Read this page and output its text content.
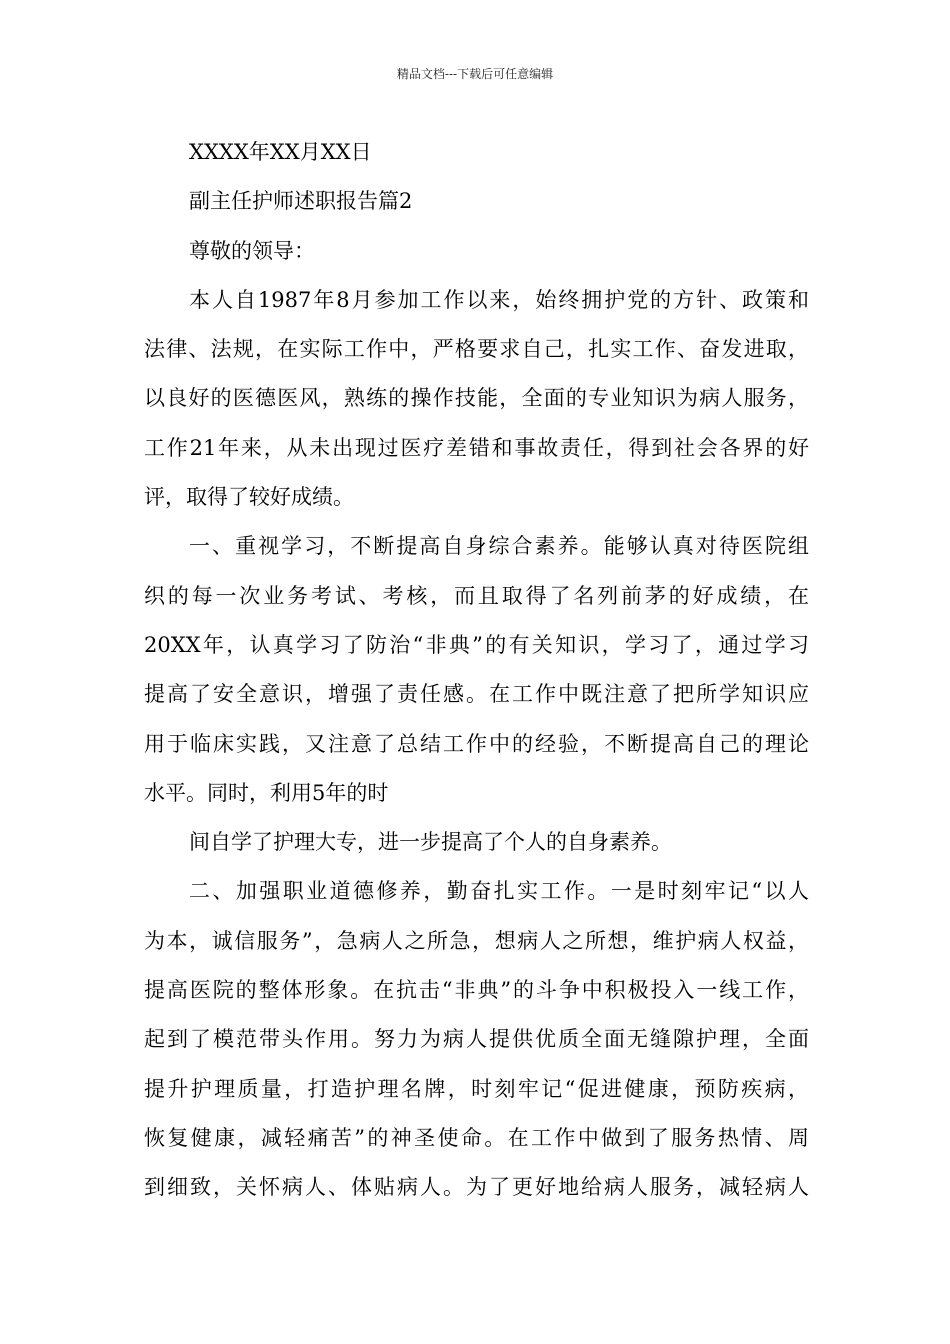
精品文档---下载后可任意编辑
XXXX年XX月XX日
副主任护师述职报告篇2
尊敬的领导：
本人自1987年8月参加工作以来，始终拥护党的方针、政策和
法律、法规，在实际工作中，严格要求自己，扎实工作、奋发进取，
以良好的医德医风，熟练的操作技能，全面的专业知识为病人服务，
工作21年来，从未出现过医疗差错和事故责任，得到社会各界的好
评，取得了较好成绩。
一、重视学习，不断提高自身综合素养。能够认真对待医院组
织的每一次业务考试、考核，而且取得了名列前茅的好成绩，在
20XX年，认真学习了防治“非典”的有关知识，学习了，通过学习
提高了安全意识，增强了责任感。在工作中既注意了把所学知识应
用于临床实践，又注意了总结工作中的经验，不断提高自己的理论
水平。同时，利用5年的时
间自学了护理大专，进一步提高了个人的自身素养。
二、加强职业道德修养，勤奋扎实工作。一是时刻牢记“以人
为本，诚信服务”，急病人之所急，想病人之所想，维护病人权益，
提高医院的整体形象。在抗击“非典”的斗争中积极投入一线工作，
起到了模范带头作用。努力为病人提供优质全面无缝隙护理，全面
提升护理质量，打造护理名牌，时刻牢记“促进健康，预防疾病，
恢复健康，减轻痛苦”的神圣使命。在工作中做到了服务热情、周
到细致，关怀病人、体贴病人。为了更好地给病人服务，减轻病人
